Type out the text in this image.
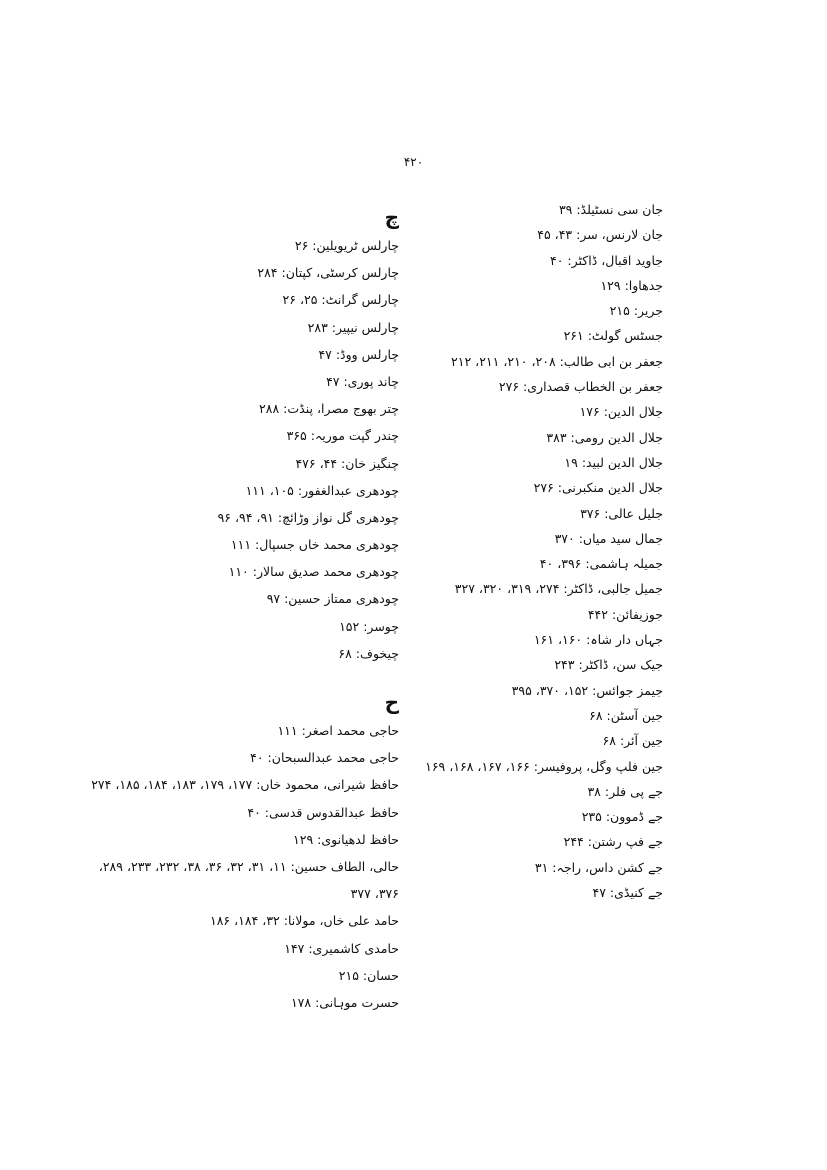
۴۲۰
جان سی نسٹیلڈ: ۳۹
جان لارنس، سر: ۴۳، ۴۵
جاوید اقبال، ڈاکٹر: ۴۰
جدھاوا: ۱۲۹
جریر: ۲۱۵
جسٹس گولٹ: ۲۶۱
جعفر بن ابی طالب: ۲۰۸، ۲۱۰، ۲۱۱، ۲۱۲
جعفر بن الخطاب قصداری: ۲۷۶
جلال الدین: ۱۷۶
جلال الدین رومی: ۳۸۳
جلال الدین لبید: ۱۹
جلال الدین منکبرنی: ۲۷۶
جلیل عالی: ۳۷۶
جمال سید میاں: ۳۷۰
جمیلہ ہاشمی: ۳۹۶، ۴۰
جمیل جالبی، ڈاکٹر: ۲۷۴، ۳۱۹، ۳۲۰، ۳۲۷
جوزیفائن: ۴۴۲
جہاں دار شاہ: ۱۶۰، ۱۶۱
جیک سن، ڈاکٹر: ۲۴۳
جیمز جوائس: ۱۵۲، ۳۷۰، ۳۹۵
جین آسٹن: ۶۸
جین آئر: ۶۸
جین فلپ وگل، پروفیسر: ۱۶۶، ۱۶۷، ۱۶۸، ۱۶۹
جے پی فلر: ۳۸
جے ڈموون: ۲۳۵
جے فپ رشتن: ۲۴۴
جے کشن داس، راجہ: ۳۱
جے کنیڈی: ۴۷
چ
چارلس ٹریویلین: ۲۶
چارلس کرسٹی، کپتان: ۲۸۴
چارلس گرانٹ: ۲۵، ۲۶
چارلس نیپیر: ۲۸۳
چارلس ووڈ: ۴۷
چاند پوری: ۴۷
چتر بھوج مصرا، پنڈت: ۲۸۸
چندر گپت موریہ: ۳۶۵
چنگیز خان: ۴۴، ۴۷۶
چودھری عبدالغفور: ۱۰۵، ۱۱۱
چودھری گل نواز وڑائچ: ۹۱، ۹۴، ۹۶
چودھری محمد خاں جسپال: ۱۱۱
چودھری محمد صدیق سالار: ۱۱۰
چودھری ممتاز حسین: ۹۷
چوسر: ۱۵۲
چیخوف: ۶۸
ح
حاجی محمد اصغر: ۱۱۱
حاجی محمد عبدالسبحان: ۴۰
حافظ شیرانی، محمود خاں: ۱۷۷، ۱۷۹، ۱۸۳، ۱۸۴، ۱۸۵، ۲۷۴
حافظ عبدالقدوس قدسی: ۴۰
حافظ لدھیانوی: ۱۲۹
حالی، الطاف حسین: ۱۱، ۳۱، ۳۲، ۳۶، ۳۸، ۲۳۲، ۲۳۳، ۲۸۹،
۳۷۶، ۳۷۷
حامد علی خاں، مولانا: ۳۲، ۱۸۴، ۱۸۶
حامدی کاشمیری: ۱۴۷
حسان: ۲۱۵
حسرت موہانی: ۱۷۸
